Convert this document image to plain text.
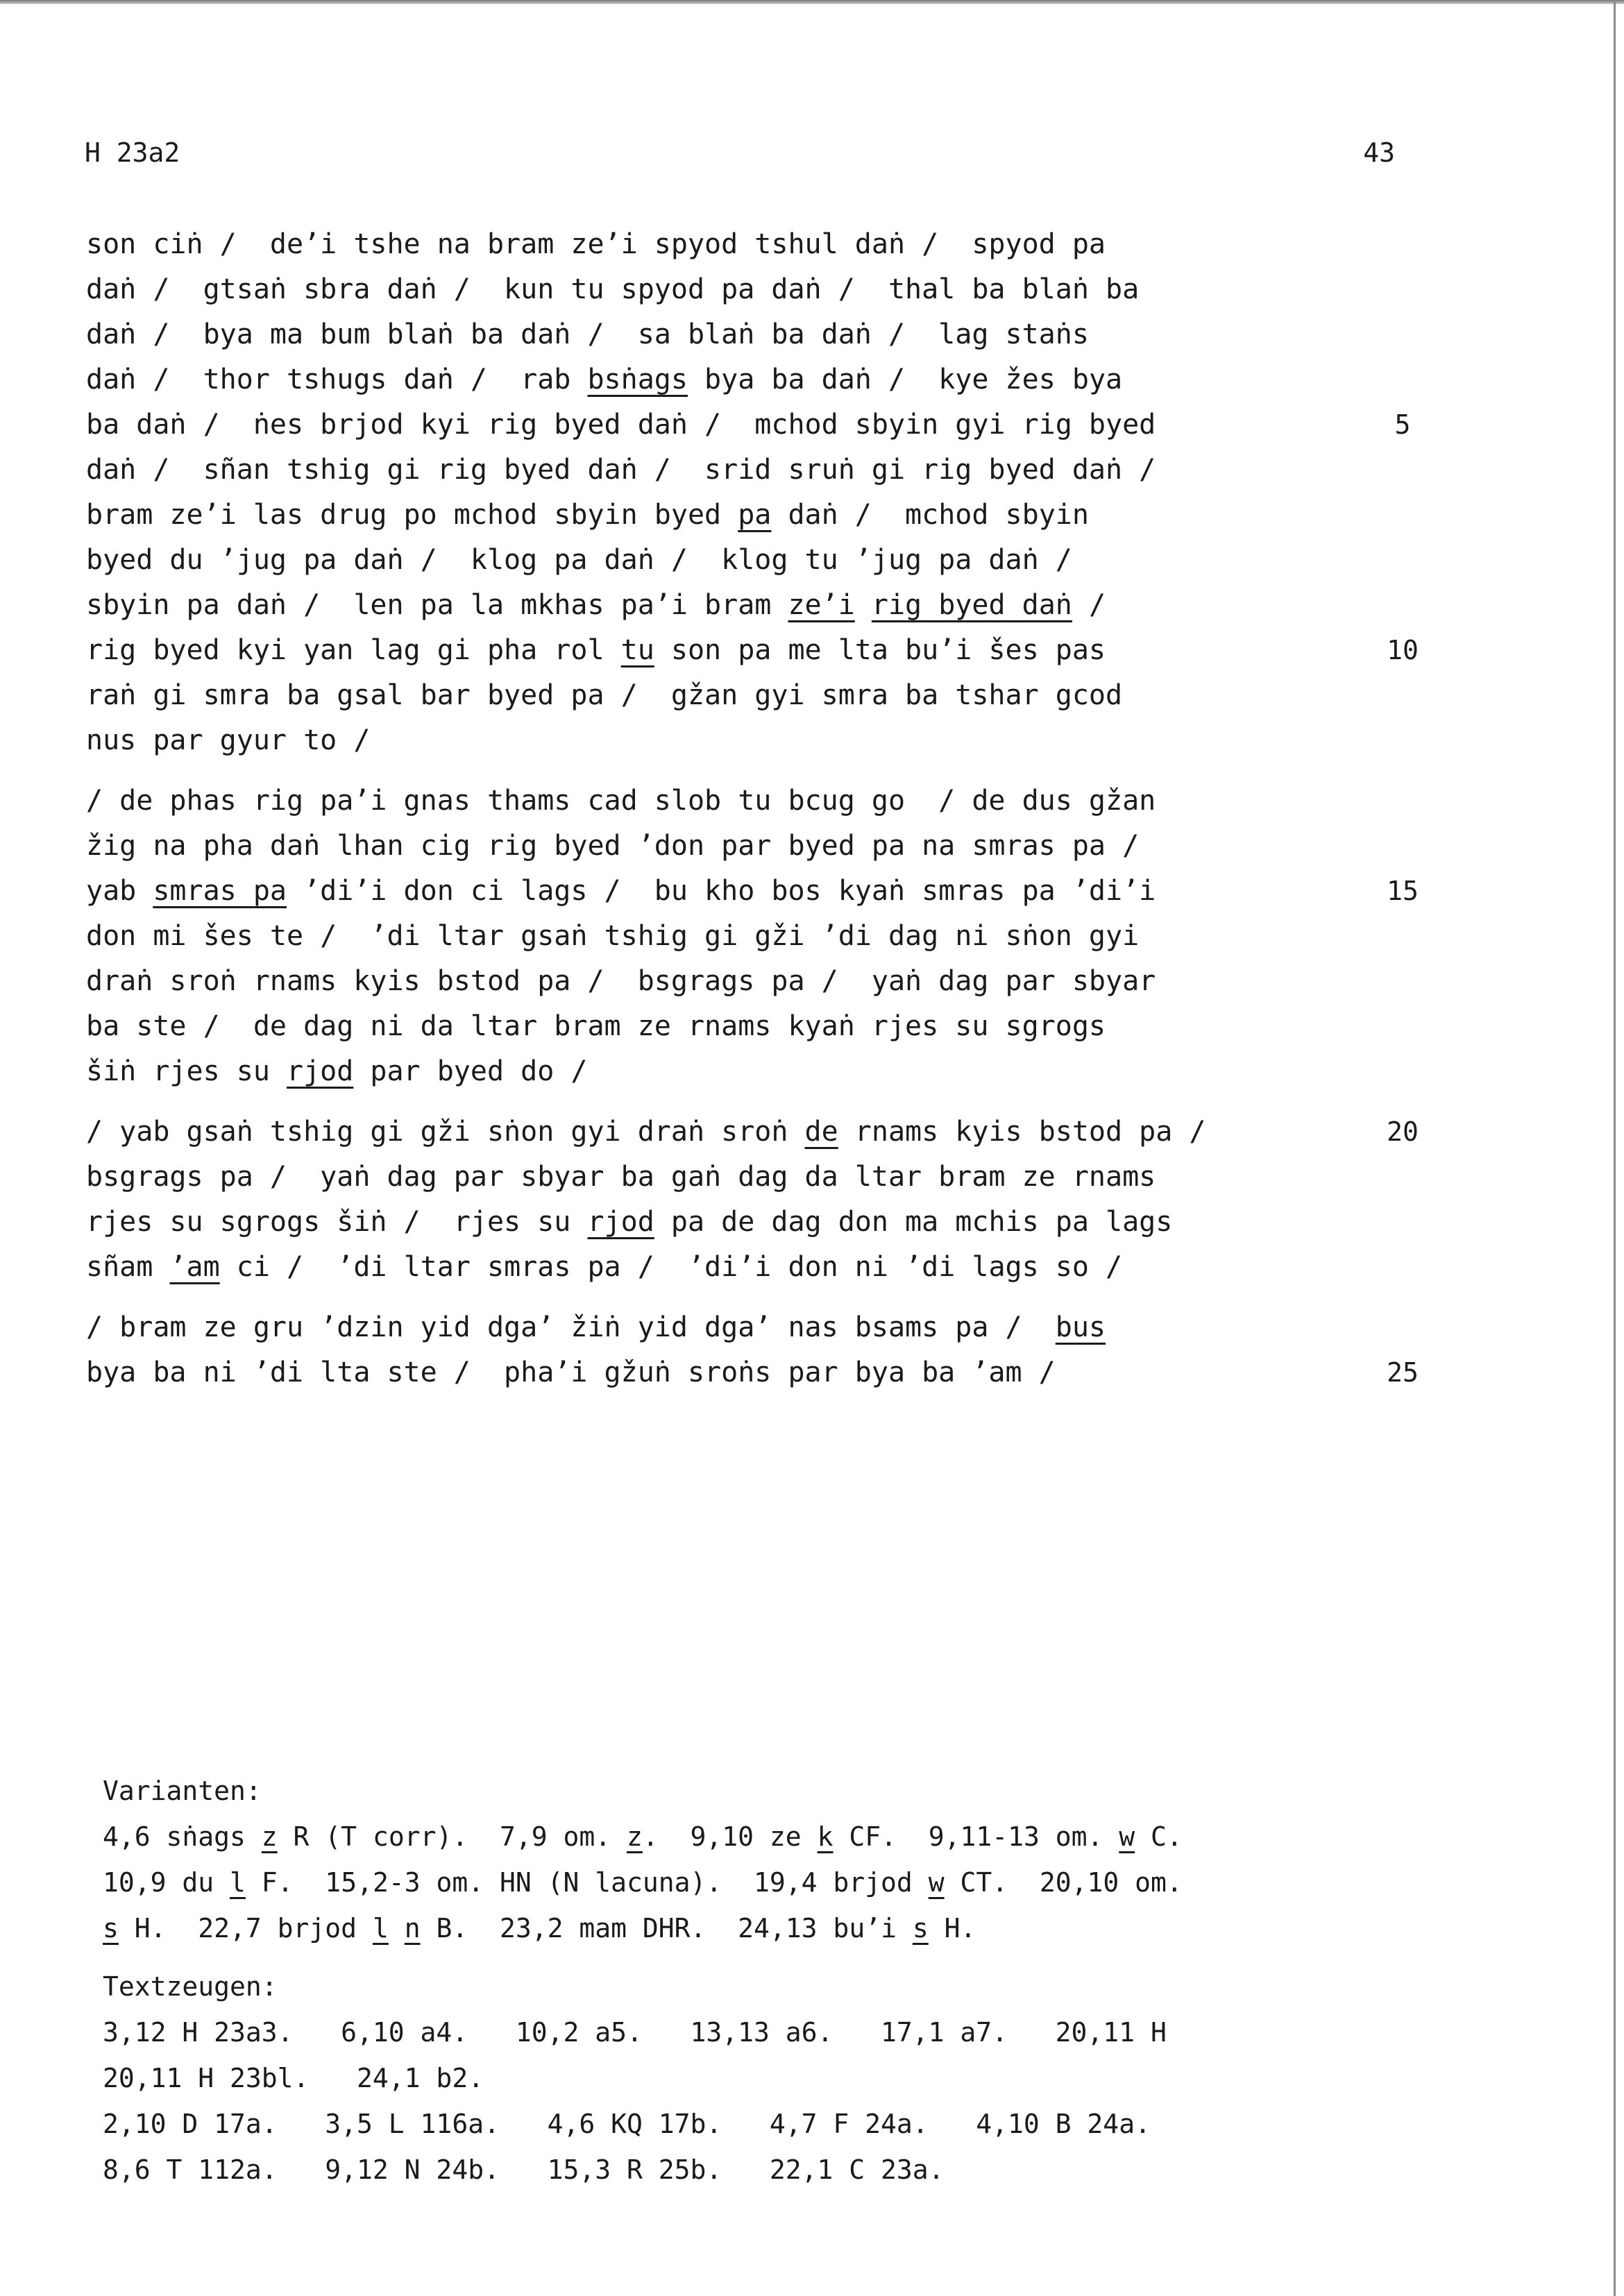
H 23a2	43
son ciṅ /  de’i tshe na bram ze’i spyod tshul daṅ /  spyod pa
daṅ /  gtsaṅ sbra daṅ /  kun tu spyod pa daṅ /  thal ba blaṅ ba
daṅ /  bya ma bum blaṅ ba daṅ /  sa blaṅ ba daṅ /  lag staṅs
daṅ /  thor tshugs daṅ /  rab bsṅags bya ba daṅ /  kye žes bya
ba daṅ /  ṅes brjod kyi rig byed daṅ /  mchod sbyin gyi rig byed	5
daṅ /  sñan tshig gi rig byed daṅ /  srid sruṅ gi rig byed daṅ /
bram ze’i las drug po mchod sbyin byed pa daṅ /  mchod sbyin
byed du ’jug pa daṅ /  klog pa daṅ /  klog tu ’jug pa daṅ /
sbyin pa daṅ /  len pa la mkhas pa’i bram ze’i rig byed daṅ /
rig byed kyi yan lag gi pha rol tu son pa me lta bu’i šes pas	10
raṅ gi smra ba gsal bar byed pa /  gžan gyi smra ba tshar gcod
nus par gyur to /
/ de phas rig pa’i gnas thams cad slob tu bcug go  / de dus gžan
žig na pha daṅ lhan cig rig byed ’don par byed pa na smras pa /
yab smras pa ’di’i don ci lags /  bu kho bos kyaṅ smras pa ’di’i	15
don mi šes te /  ’di ltar gsaṅ tshig gi gži ’di dag ni sṅon gyi
draṅ sroṅ rnams kyis bstod pa /  bsgrags pa /  yaṅ dag par sbyar
ba ste /  de dag ni da ltar bram ze rnams kyaṅ rjes su sgrogs
šiṅ rjes su rjod par byed do /
/ yab gsaṅ tshig gi gži sṅon gyi draṅ sroṅ de rnams kyis bstod pa /	20
bsgrags pa /  yaṅ dag par sbyar ba gaṅ dag da ltar bram ze rnams
rjes su sgrogs šiṅ /  rjes su rjod pa de dag don ma mchis pa lags
sñam ’am ci /  ’di ltar smras pa /  ’di’i don ni ’di lags so /
/ bram ze gru ’dzin yid dga’ žiṅ yid dga’ nas bsams pa /  bus
bya ba ni ’di lta ste /  pha’i gžuṅ sroṅs par bya ba ’am /	25
Varianten:
4,6 sṅags z R (T corr).  7,9 om. z.  9,10 ze k CF.  9,11-13 om. w C.
10,9 du l F.  15,2-3 om. HN (N lacuna).  19,4 brjod w CT.  20,10 om.
s H.  22,7 brjod l n B.  23,2 mam DHR.  24,13 bu’i s H.
Textzeugen:
3,12 H 23a3.   6,10 a4.   10,2 a5.   13,13 a6.   17,1 a7.   20,11 H
20,11 H 23bl.   24,1 b2.
2,10 D 17a.   3,5 L 116a.   4,6 KQ 17b.   4,7 F 24a.   4,10 B 24a.
8,6 T 112a.   9,12 N 24b.   15,3 R 25b.   22,1 C 23a.
